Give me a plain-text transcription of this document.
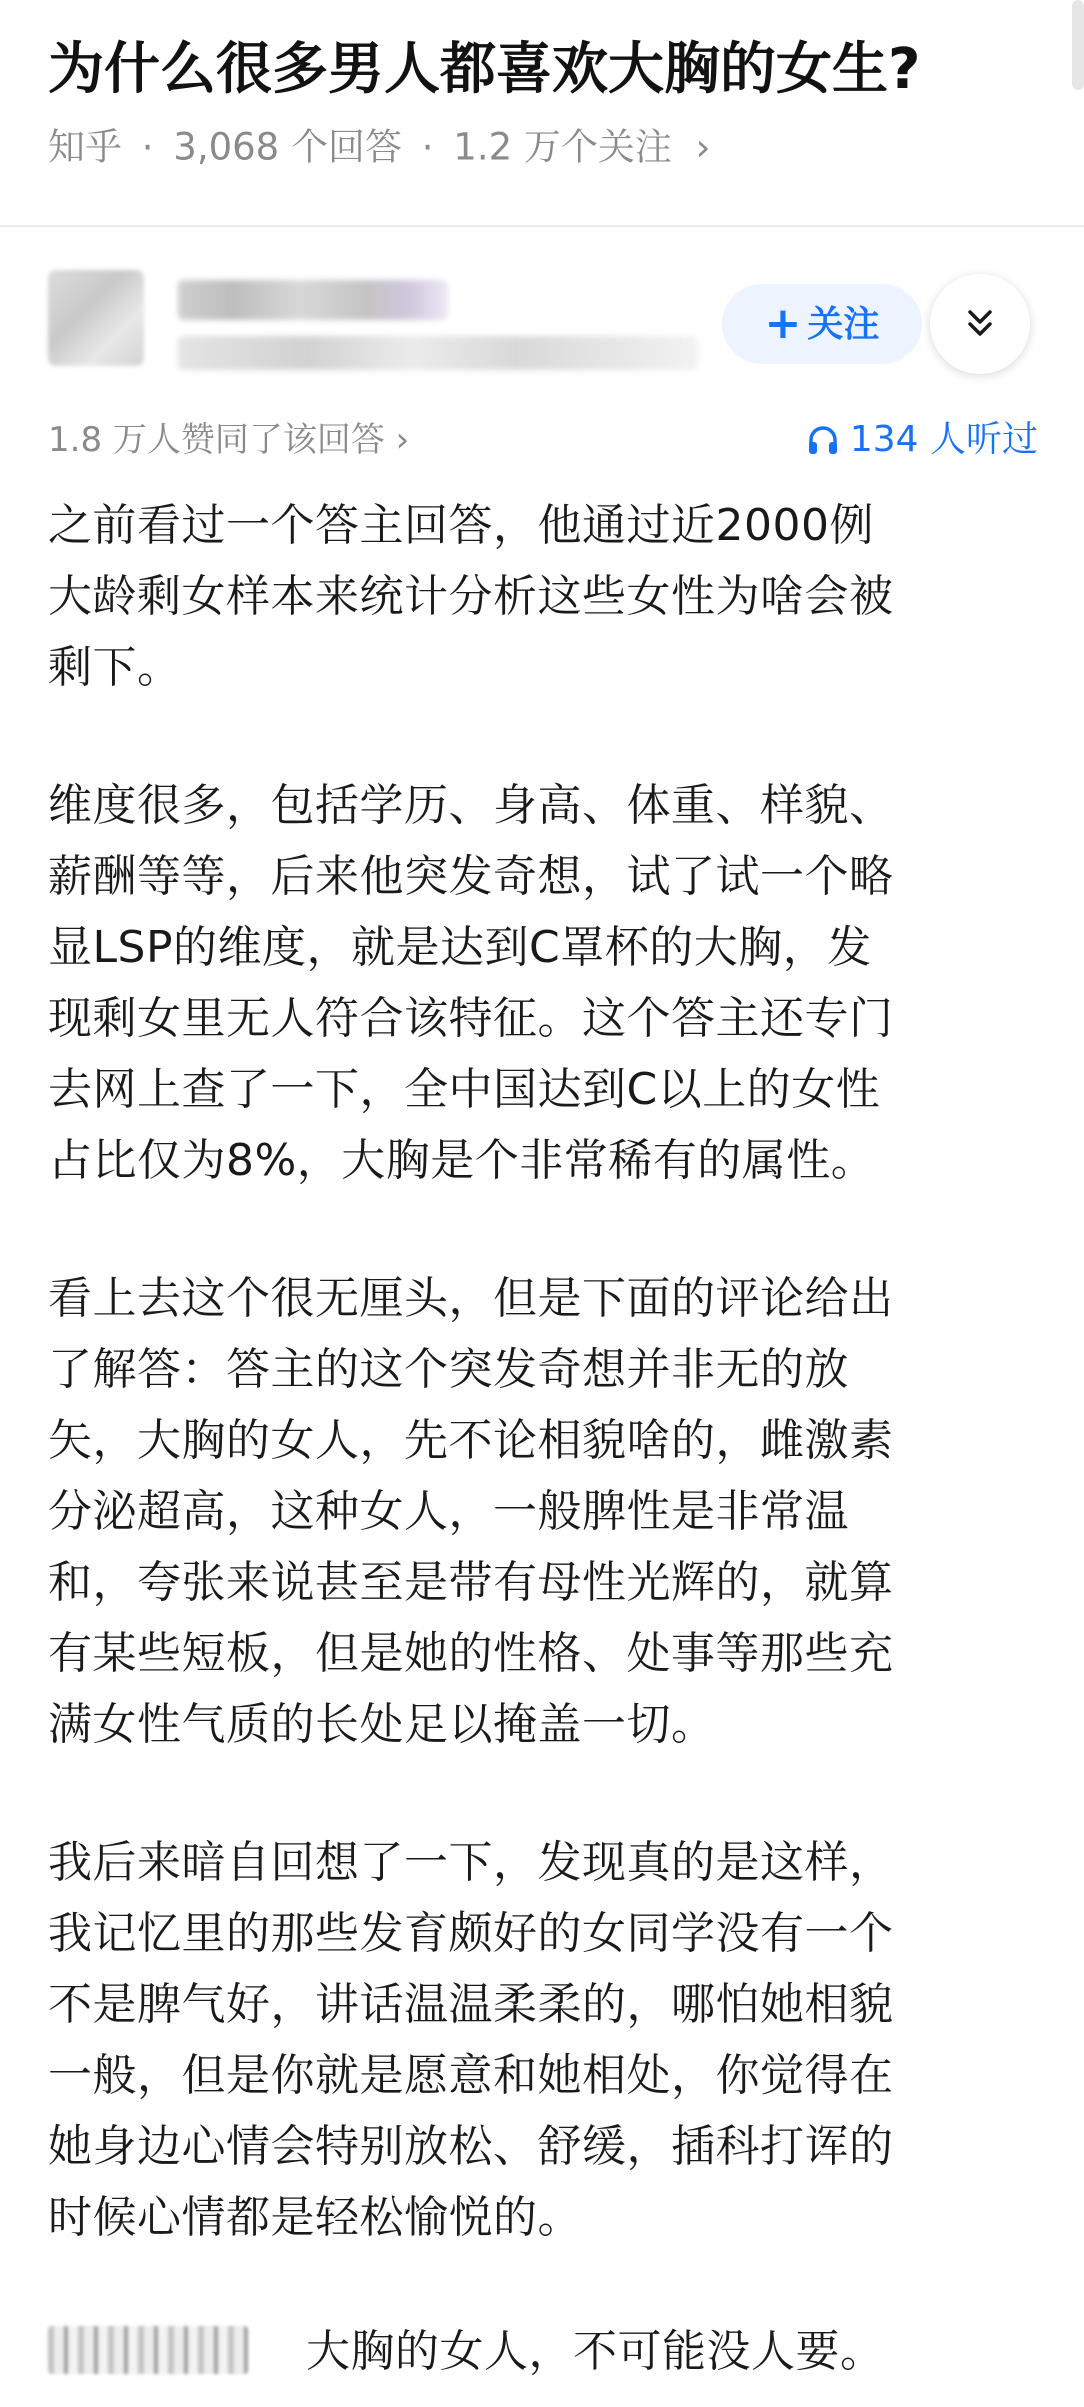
为什么很多男人都喜欢大胸的女生?
知乎 · 3,068 个回答 · 1.2 万个关注 ›
+ 关注
1.8 万人赞同了该回答 ›	134 人听过

之前看过一个答主回答，他通过近2000例
大龄剩女样本来统计分析这些女性为啥会被
剩下。

维度很多，包括学历、身高、体重、样貌、
薪酬等等，后来他突发奇想，试了试一个略
显LSP的维度，就是达到C罩杯的大胸，发
现剩女里无人符合该特征。这个答主还专门
去网上查了一下，全中国达到C以上的女性
占比仅为8%，大胸是个非常稀有的属性。

看上去这个很无厘头，但是下面的评论给出
了解答：答主的这个突发奇想并非无的放
矢，大胸的女人，先不论相貌啥的，雌激素
分泌超高，这种女人，一般脾性是非常温
和，夸张来说甚至是带有母性光辉的，就算
有某些短板，但是她的性格、处事等那些充
满女性气质的长处足以掩盖一切。

我后来暗自回想了一下，发现真的是这样，
我记忆里的那些发育颇好的女同学没有一个
不是脾气好，讲话温温柔柔的，哪怕她相貌
一般，但是你就是愿意和她相处，你觉得在
她身边心情会特别放松、舒缓，插科打诨的
时候心情都是轻松愉悦的。

大胸的女人，不可能没人要。
